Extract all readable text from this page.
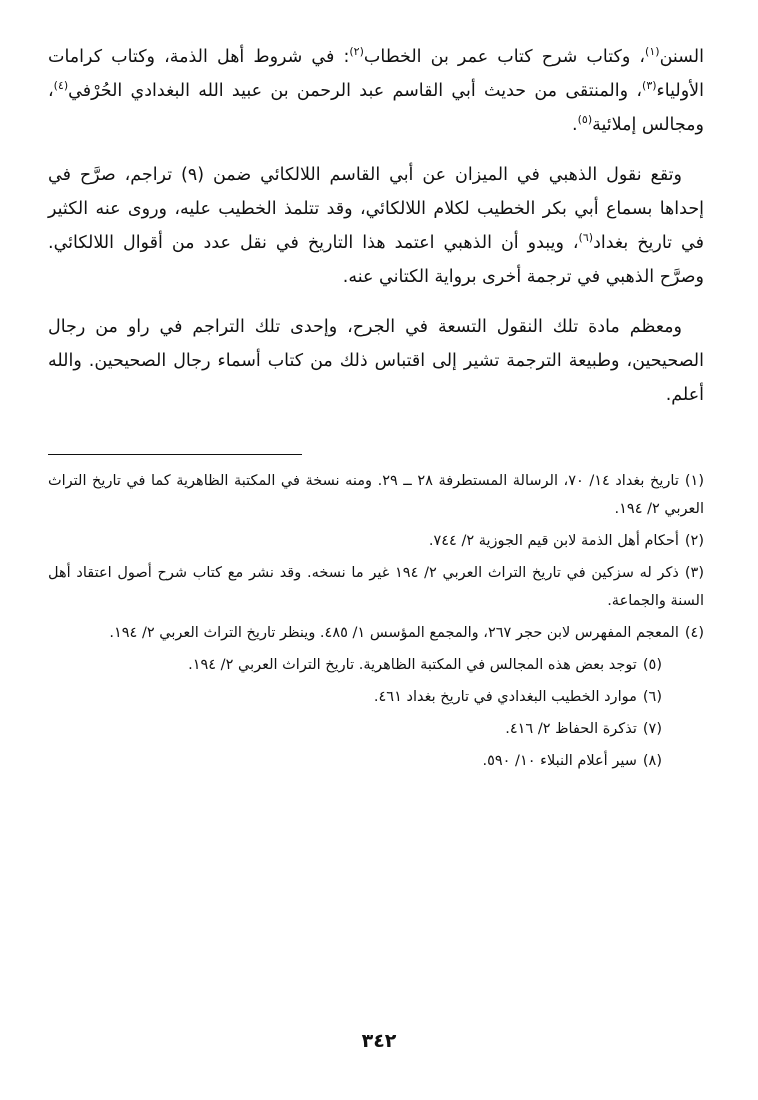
السنن$^{(١)}$، وكتاب شرح كتاب عمر بن الخطاب$^{(٢)}$: في شروط أهل الذمة، وكتاب كرامات الأولياء$^{(٣)}$، والمنتقى من حديث أبي القاسم عبد الرحمن بن عبيد الله البغدادي الحُرْفي$^{(٤)}$، ومجالس إملائية$^{(٥)}$.

وتقع نقول الذهبي في الميزان عن أبي القاسم اللالكائي ضمن (٩) تراجم، صرَّح في إحداها بسماع أبي بكر الخطيب لكلام اللالكائي، وقد تتلمذ الخطيب عليه، وروى عنه الكثير في تاريخ بغداد$^{(٦)}$، ويبدو أن الذهبي اعتمد هذا التاريخ في نقل عدد من أقوال اللالكائي. وصرَّح الذهبي في ترجمة أخرى برواية الكتاني عنه.

ومعظم مادة تلك النقول التسعة في الجرح، وإحدى تلك التراجم في راو من رجال الصحيحين، وطبيعة الترجمة تشير إلى اقتباس ذلك من كتاب أسماء رجال الصحيحين. والله أعلم.

(١)تاريخ بغداد ١٤/ ٧٠، الرسالة المستطرفة ٢٨ ــ ٢٩. ومنه نسخة في المكتبة الظاهرية كما في تاريخ التراث العربي ٢/ ١٩٤.

(٢)أحكام أهل الذمة لابن قيم الجوزية ٢/ ٧٤٤.

(٣)ذكر له سزكين في تاريخ التراث العربي ٢/ ١٩٤ غير ما نسخه. وقد نشر مع كتاب شرح أصول اعتقاد أهل السنة والجماعة.

(٤)المعجم المفهرس لابن حجر ٢٦٧، والمجمع المؤسس ١/ ٤٨٥. وينظر تاريخ التراث العربي ٢/ ١٩٤.

(٥)توجد بعض هذه المجالس في المكتبة الظاهرية. تاريخ التراث العربي ٢/ ١٩٤.

(٦)موارد الخطيب البغدادي في تاريخ بغداد ٤٦١.

(٧)تذكرة الحفاظ ٢/ ٤١٦.

(٨)سير أعلام النبلاء ١٠/ ٥٩٠.

٣٤٢
